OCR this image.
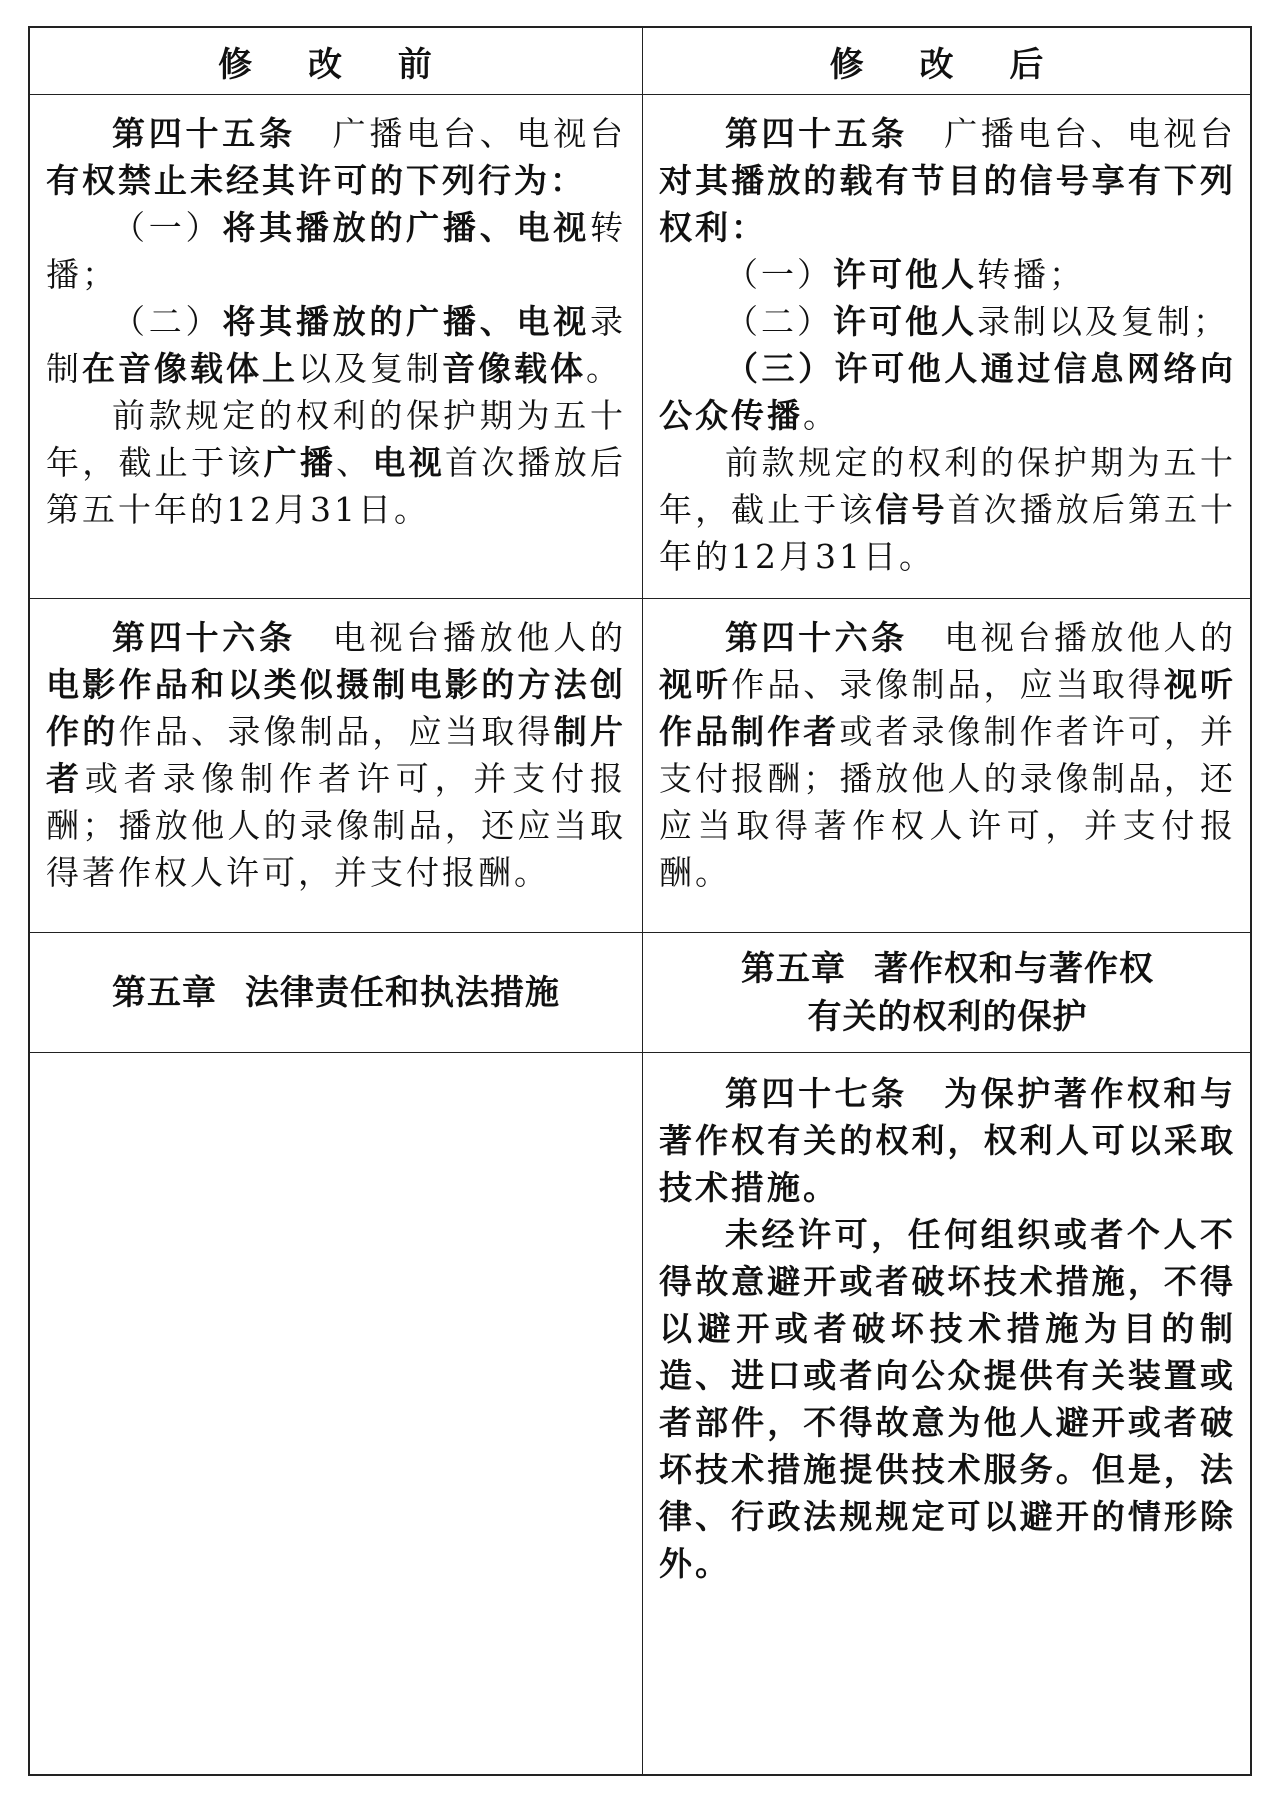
修 改 前	修 改 后

第四十五条　广播电台、电视台有权禁止未经其许可的下列行为：

（一）将其播放的广播、电视转播；

（二）将其播放的广播、电视录制在音像载体上以及复制音像载体。

前款规定的权利的保护期为五十年，截止于该广播、电视首次播放后第五十年的12月31日。

第四十五条　广播电台、电视台对其播放的载有节目的信号享有下列权利：

（一）许可他人转播；

（二）许可他人录制以及复制；

（三）许可他人通过信息网络向公众传播。

前款规定的权利的保护期为五十年，截止于该信号首次播放后第五十年的12月31日。

第四十六条　电视台播放他人的电影作品和以类似摄制电影的方法创作的作品、录像制品，应当取得制片者或者录像制作者许可，并支付报酬；播放他人的录像制品，还应当取得著作权人许可，并支付报酬。

第四十六条　电视台播放他人的视听作品、录像制品，应当取得视听作品制作者或者录像制作者许可，并支付报酬；播放他人的录像制品，还应当取得著作权人许可，并支付报酬。

第五章 法律责任和执法措施
第五章 著作权和与著作权
有关的权利的保护

第四十七条　为保护著作权和与著作权有关的权利，权利人可以采取技术措施。

未经许可，任何组织或者个人不得故意避开或者破坏技术措施，不得以避开或者破坏技术措施为目的制造、进口或者向公众提供有关装置或者部件，不得故意为他人避开或者破坏技术措施提供技术服务。但是，法律、行政法规规定可以避开的情形除外。
